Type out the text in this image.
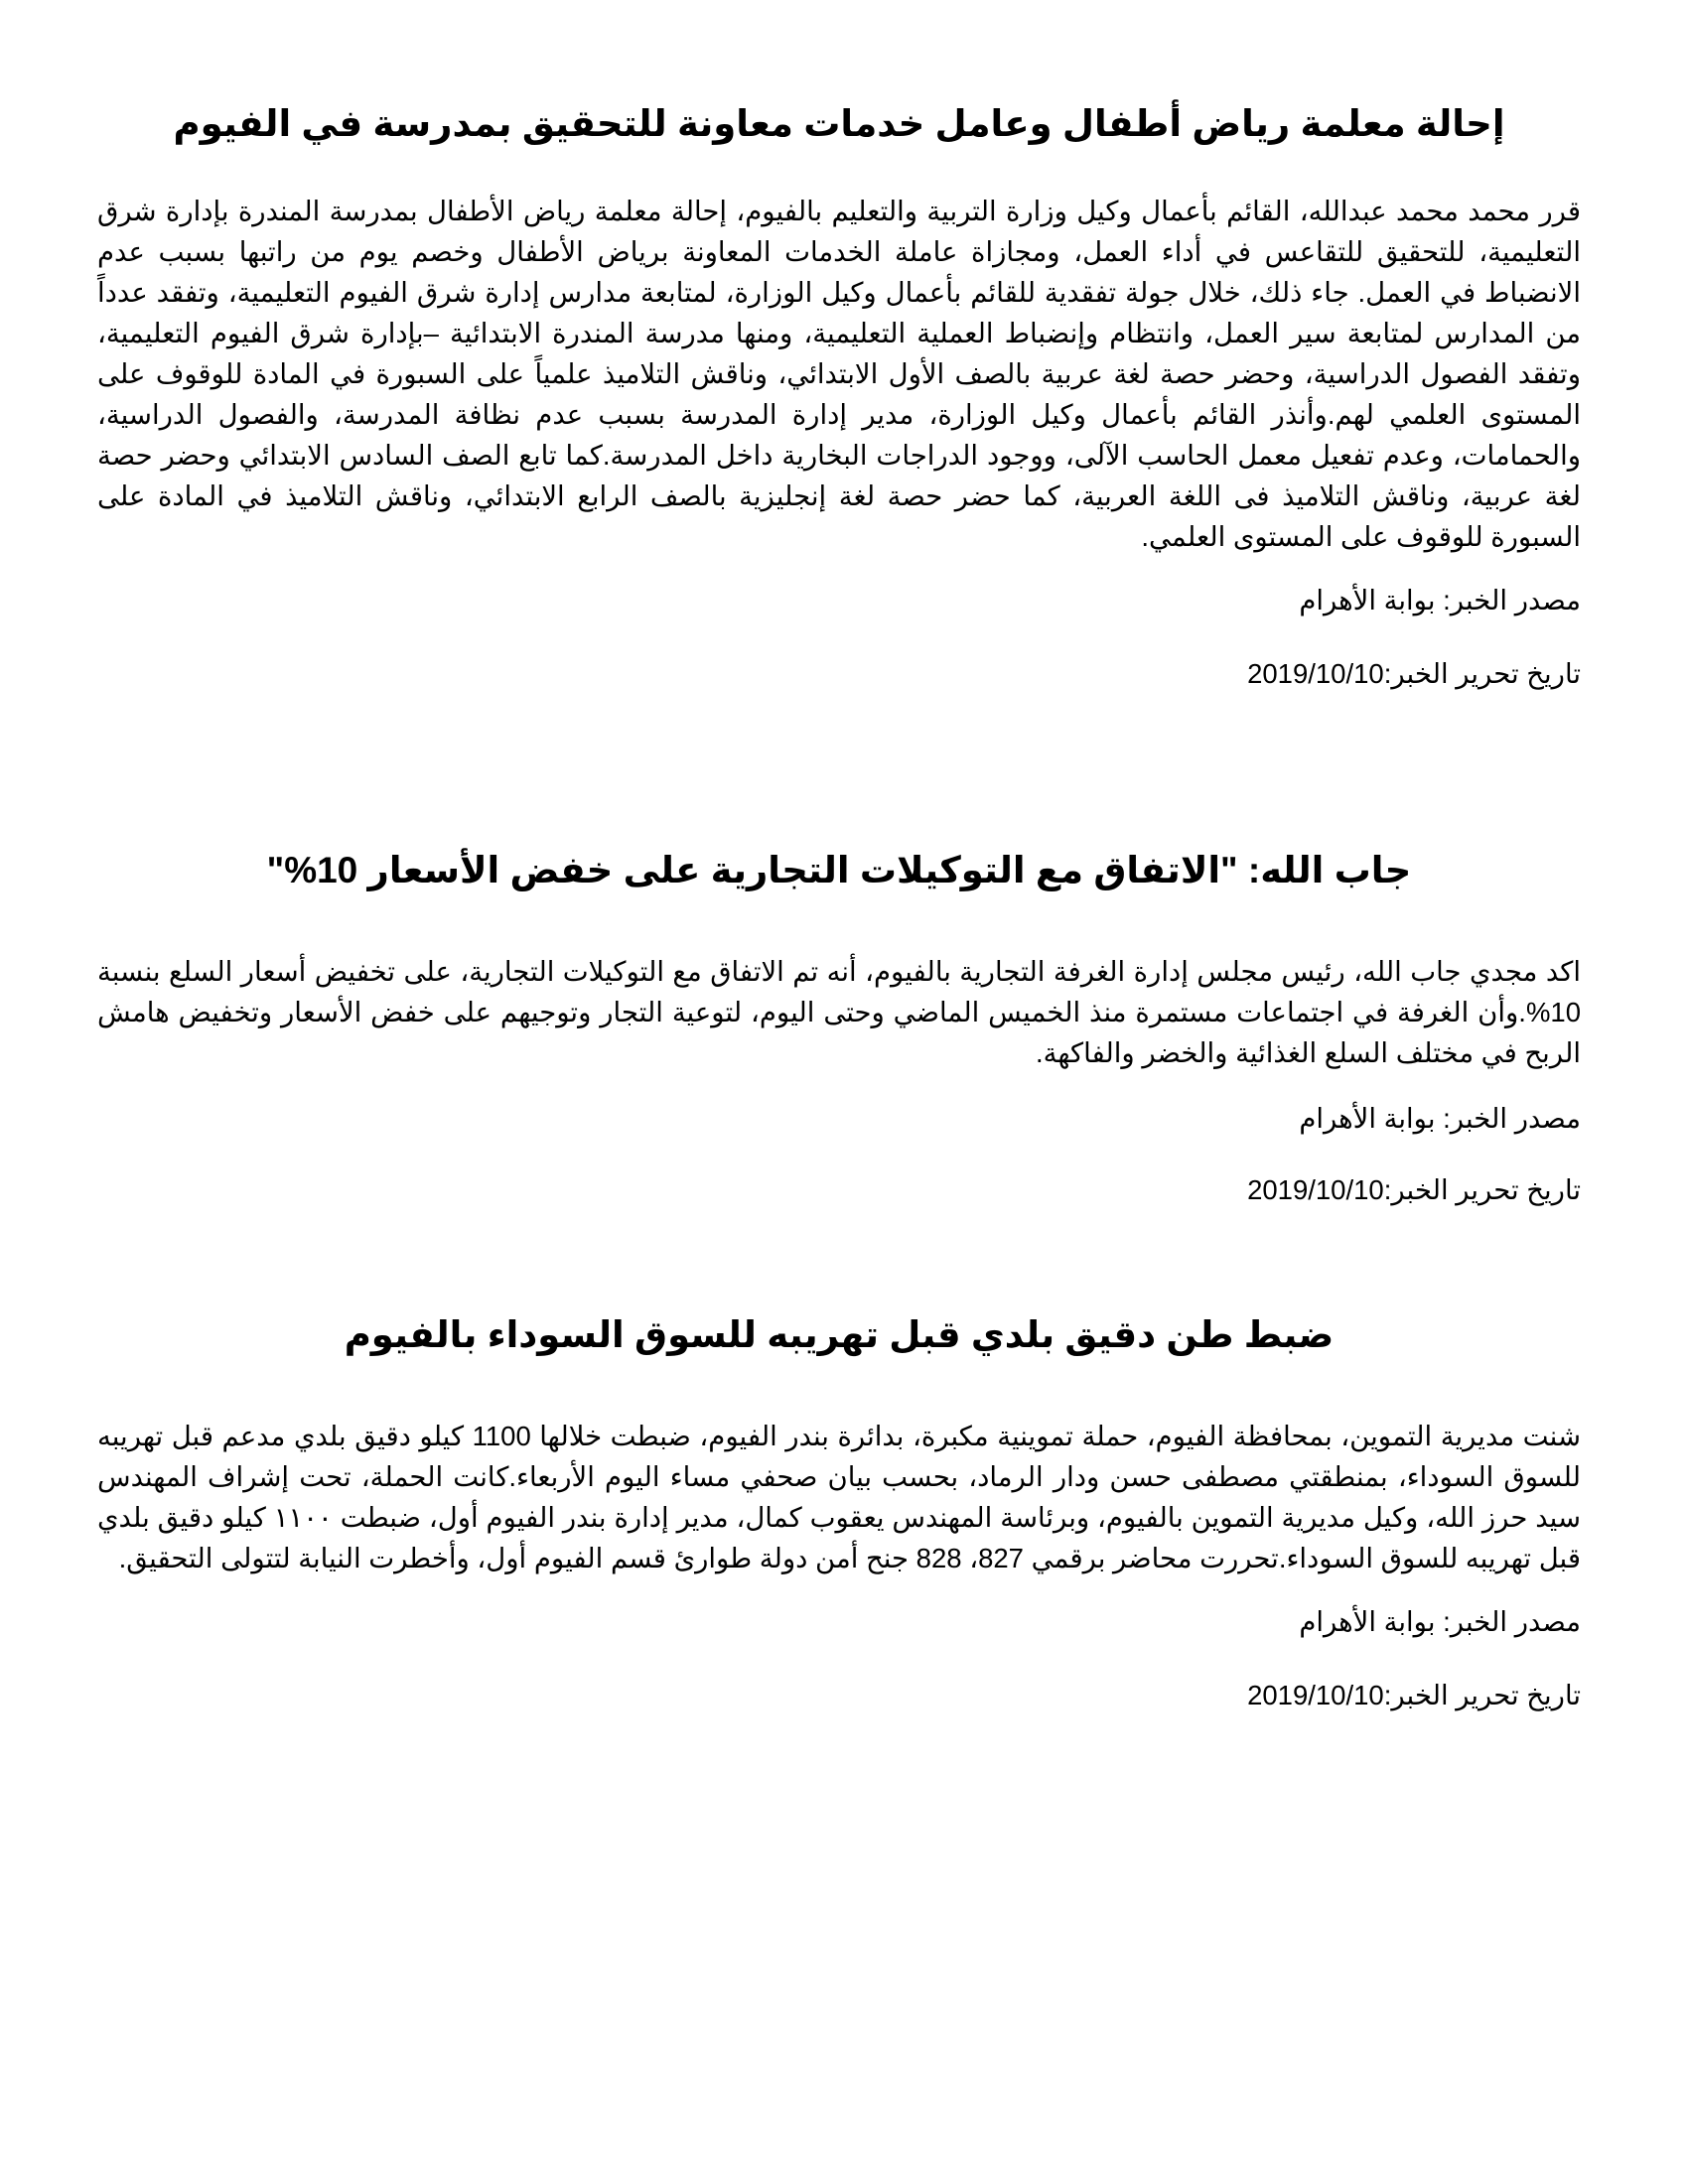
إحالة معلمة رياض أطفال وعامل خدمات معاونة للتحقيق بمدرسة في الفيوم

قرر محمد محمد عبدالله، القائم بأعمال وكيل وزارة التربية والتعليم بالفيوم، إحالة معلمة رياض الأطفال بمدرسة المندرة بإدارة شرق التعليمية، للتحقيق للتقاعس في أداء العمل، ومجازاة عاملة الخدمات المعاونة برياض الأطفال وخصم يوم من راتبها بسبب عدم الانضباط في العمل. جاء ذلك، خلال جولة تفقدية للقائم بأعمال وكيل الوزارة، لمتابعة مدارس إدارة شرق الفيوم التعليمية، وتفقد عدداً من المدارس لمتابعة سير العمل، وانتظام وإنضباط العملية التعليمية، ومنها مدرسة المندرة الابتدائية –بإدارة شرق الفيوم التعليمية، وتفقد الفصول الدراسية، وحضر حصة لغة عربية بالصف الأول الابتدائي، وناقش التلاميذ علمياً على السبورة في المادة للوقوف على المستوى العلمي لهم.وأنذر القائم بأعمال وكيل الوزارة، مدير إدارة المدرسة بسبب عدم نظافة المدرسة، والفصول الدراسية، والحمامات، وعدم تفعيل معمل الحاسب الآلى، ووجود الدراجات البخارية داخل المدرسة.كما تابع الصف السادس الابتدائي وحضر حصة لغة عربية، وناقش التلاميذ فى اللغة العربية، كما حضر حصة لغة إنجليزية بالصف الرابع الابتدائي، وناقش التلاميذ في المادة على السبورة للوقوف على المستوى العلمي.

مصدر الخبر: بوابة الأهرام

تاريخ تحرير الخبر:2019/10/10

جاب الله: "الاتفاق مع التوكيلات التجارية على خفض الأسعار 10%"

اكد مجدي جاب الله، رئيس مجلس إدارة الغرفة التجارية بالفيوم، أنه تم الاتفاق مع التوكيلات التجارية، على تخفيض أسعار السلع بنسبة 10%.وأن الغرفة في اجتماعات مستمرة منذ الخميس الماضي وحتى اليوم، لتوعية التجار وتوجيهم على خفض الأسعار وتخفيض هامش الربح في مختلف السلع الغذائية والخضر والفاكهة.

مصدر الخبر: بوابة الأهرام

تاريخ تحرير الخبر:2019/10/10

ضبط طن دقيق بلدي قبل تهريبه للسوق السوداء بالفيوم

شنت مديرية التموين، بمحافظة الفيوم، حملة تموينية مكبرة، بدائرة بندر الفيوم، ضبطت خلالها 1100 كيلو دقيق بلدي مدعم قبل تهريبه للسوق السوداء، بمنطقتي مصطفى حسن ودار الرماد، بحسب بيان صحفي مساء اليوم الأربعاء.كانت الحملة، تحت إشراف المهندس سيد حرز الله، وكيل مديرية التموين بالفيوم، وبرئاسة المهندس يعقوب كمال، مدير إدارة بندر الفيوم أول، ضبطت ١١٠٠ كيلو دقيق بلدي قبل تهريبه للسوق السوداء.تحررت محاضر برقمي 827، 828 جنح أمن دولة طوارئ قسم الفيوم أول، وأخطرت النيابة لتتولى التحقيق.

مصدر الخبر: بوابة الأهرام

تاريخ تحرير الخبر:2019/10/10
